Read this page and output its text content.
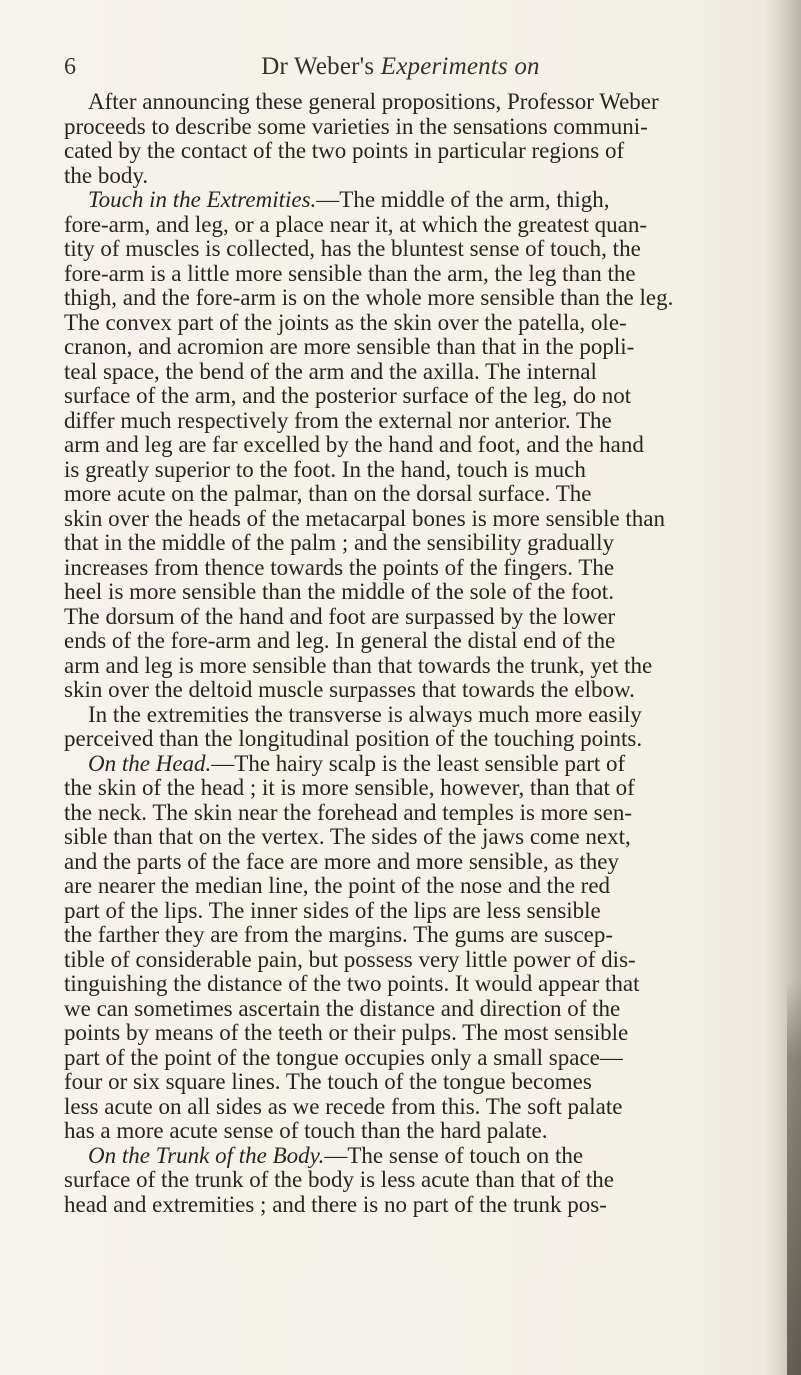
6	Dr Weber's Experiments on
After announcing these general propositions, Professor Weber
proceeds to describe some varieties in the sensations communi-
cated by the contact of the two points in particular regions of
the body.
Touch in the Extremities.—The middle of the arm, thigh,
fore-arm, and leg, or a place near it, at which the greatest quan-
tity of muscles is collected, has the bluntest sense of touch, the
fore-arm is a little more sensible than the arm, the leg than the
thigh, and the fore-arm is on the whole more sensible than the leg.
The convex part of the joints as the skin over the patella, ole-
cranon, and acromion are more sensible than that in the popli-
teal space, the bend of the arm and the axilla. The internal
surface of the arm, and the posterior surface of the leg, do not
differ much respectively from the external nor anterior. The
arm and leg are far excelled by the hand and foot, and the hand
is greatly superior to the foot. In the hand, touch is much
more acute on the palmar, than on the dorsal surface. The
skin over the heads of the metacarpal bones is more sensible than
that in the middle of the palm ; and the sensibility gradually
increases from thence towards the points of the fingers. The
heel is more sensible than the middle of the sole of the foot.
The dorsum of the hand and foot are surpassed by the lower
ends of the fore-arm and leg. In general the distal end of the
arm and leg is more sensible than that towards the trunk, yet the
skin over the deltoid muscle surpasses that towards the elbow.
In the extremities the transverse is always much more easily
perceived than the longitudinal position of the touching points.
On the Head.—The hairy scalp is the least sensible part of
the skin of the head ; it is more sensible, however, than that of
the neck. The skin near the forehead and temples is more sen-
sible than that on the vertex. The sides of the jaws come next,
and the parts of the face are more and more sensible, as they
are nearer the median line, the point of the nose and the red
part of the lips. The inner sides of the lips are less sensible
the farther they are from the margins. The gums are suscep-
tible of considerable pain, but possess very little power of dis-
tinguishing the distance of the two points. It would appear that
we can sometimes ascertain the distance and direction of the
points by means of the teeth or their pulps. The most sensible
part of the point of the tongue occupies only a small space—
four or six square lines. The touch of the tongue becomes
less acute on all sides as we recede from this. The soft palate
has a more acute sense of touch than the hard palate.
On the Trunk of the Body.—The sense of touch on the
surface of the trunk of the body is less acute than that of the
head and extremities ; and there is no part of the trunk pos-
